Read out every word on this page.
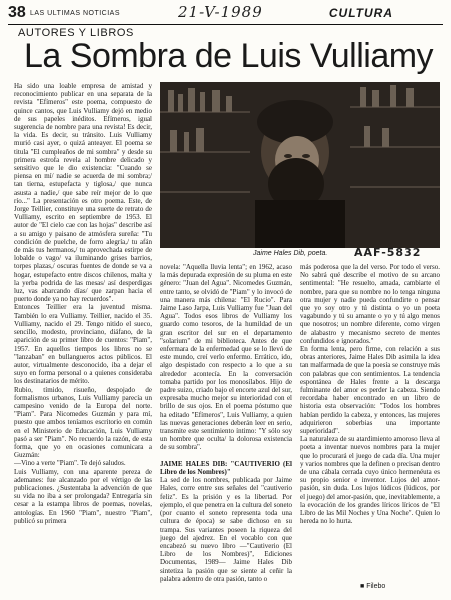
38 LAS ULTIMAS NOTICIAS	21-V-1989	CULTURA
AUTORES Y LIBROS
La Sombra de Luis Vulliamy
Ha sido una loable empresa de amistad y reconocimiento publicar en una separata de la revista "Efímeros" este poema, compuesto de quince cantos, que Luis Vulliamy dejó en medio de sus papeles inéditos. Efímeros, igual sugerencia de nombre para una revista! Es decir, la vida. Es decir, su tránsito. Luis Vulliamy murió casi ayer, o quizá anteayer. El poema se titula "El cumpleaños de mi sombra" y desde su primera estrofa revela al hombre delicado y sensitivo que le dio existencia: "Cuando se piensa en mí/ nadie se acuerda de mi sombra;/ tan tierna, estupefacta y tiglosa,/ que nunca asusta a nadie,/ que sabe reír mejor de lo que río..." La presentación es otro poema. Este, de Jorge Teillier, constituye una suerte de retrato de Vulliamy, escrito en septiembre de 1953. El autor de "El cielo cae con las hojas" describe así a su amigo y paisano de atmósfera sureña: "Tu condición de puelche, de forro alegría,/ tu afán de más tus hermanos,/ tu aprovechada estirpe de lobalde o vago/ va iluminando grises barrios, torpes plazas,/ oscuras fuentes de donde se va a hogar, estupefacto entre discos chilenos, malta y la yerba podrida de las mesas/ así desperdigas luz, vas abarcando días/ que zarpan hacia el puerto donde ya no hay recuerdos".
Entonces Teillier era la juventud misma. También lo era Vulliamy. Teillier, nacido el 35. Vulliamy, nacido el 29. Tengo nitido el sueco, sencillo, modesto, provinciano, diáfano, de la aparición de su primer libro de cuentos: "Piam", 1957. En aquellos tiempos los libros no se "lanzaban" en bullangueros actos públicos. El autor, virtualmente desconocido, iba a dejar el suyo en forma personal o a quienes consideraba los destinatarios de mérito.
Rubio, tímido, risueño, despojado de formalismos urbanos, Luis Vulliamy parecía un campesino venido de la Europa del norte. "Piam". Para Nicomedes Guzmán y para mí, puesto que ambos teníamos escritorio en común en el Ministerio de Educación, Luis Vulliamy pasó a ser "Piam". No recuerdo la razón, de esta forma, que yo en ocasiones comunicara a Guzmán:
—Vino a verte "Piam". Te dejó saludos.
Luis Vulliamy, con una aparente pereza de ademanes: fue alcanzado por el vértigo de las publicaciones. ¿Sustentaba la advención de que su vida no iba a ser prolongada? Entregaría sin cesar a la estampa libros de poemas, novelas, antologías. En 1960 "Piam", nuestro "Piam", publicó su primera
Jaime Hales Dib, poeta. AAF-5832
novela: "Aquella lluvia lenta"; en 1962, acaso la más depurada expresión de su pluma en este género: "Juan del Agua". Nicomedes Guzmán, entre tanto, se olvidó de "Piam" y lo invocó de una manera más chilena: "El Rucio". Para Jaime Laso Jarpa, Luis Vulliamy fue "Juan del Agua". Todos esos libros de Vulliamy los guardo como tesoros, de la humildad de un gran escritor del sur en el departamento "solarium" de mi biblioteca. Antes de que enfermara de la enfermedad que se lo llevó de este mundo, creí verlo enfermo. Errático, ido, algo despistado con respecto a lo que a su alrededor acontecía. En la conversación tomaba partido por los monosílabos. Hijo de padre suizo, criado bajo el encorte azul del sur, expresaba mucho mejor su interioridad con el brillo de sus ojos. En el poema póstumo que ha editado "Efímeros", Luis Vulliamy, a quien las nuevas generaciones deberán leer en serio, transmite este sentimiento íntimo: "Y sólo soy un hombre que oculta/ la dolorosa existencia de su sombra".

JAIME HALES DIB: "CAUTIVERIO (El Libro de los Nombres)"
La sed de los nombres, publicada por Jaime Hales, corre entre sus señales del "cautiverio feliz". Es la prisión y es la libertad. Por ejemplo, el que penetra en la cultura del soneto (por cuanto el soneto representa toda una cultura de época) se sabe dichoso en su trampa. Sus variantes poseen la riqueza del juego del ajedrez. En el vocablo con que encabezó su nuevo libro —"Cautiverio (El Libro de los Nombres)", Ediciones Documentas, 1989— Jaime Hales Dib sintetiza la pasión que se siente al ceñir la palabra adentro de otra pasión, tanto o
más poderosa que la del verso. Por todo el verso. No sabrá qué describe el motivo de su arcano sentimental: "He resuelto, amada, cambiarte el nombre, para que su nombre no lo tenga ninguna otra mujer y nadie pueda confundirte o pensar que yo soy otro y tú distinta o yo un poeta vagabundo y tú su amante o yo y tú algo menos que nosotros; un nombre diferente, como virgen de alabastro y mecanismo secreto de mentes confundidos e ignorados."
En forma lenta, pero firme, con relación a sus obras anteriores, Jaime Hales Dib asimila la idea tan malfarmada de que la poesía se construye más con palabras que con sentimientos. La tendencia espontánea de Hales frente a la descarga fulminante del amor es perder la cabeza. Siendo recordaba haber encontrado en un libro de historia esta observación: "Todos los hombres habían perdido la cabeza, y entonces, las mujeres adquirieron soberbias una importante superioridad".
La naturaleza de su atardimiento amoroso lleva al poeta a inventar nuevos nombres para la mujer que lo procurará el juego de cada día. Una mujer y varios nombres que la definen o precisan dentro de una cábala cerrada cuyo único hermenéuta es su propio senior e inventor. Lujos del amor-pasión, sin duda. Los lujos lúdicos (lúdicos, por el juego) del amor-pasión, que, inevitablemente, a la evocación de los grandes líricos líricos de "El Libro de las Mil Noches y Una Noche". Quien lo hereda no lo hurta.
■ Filebo
